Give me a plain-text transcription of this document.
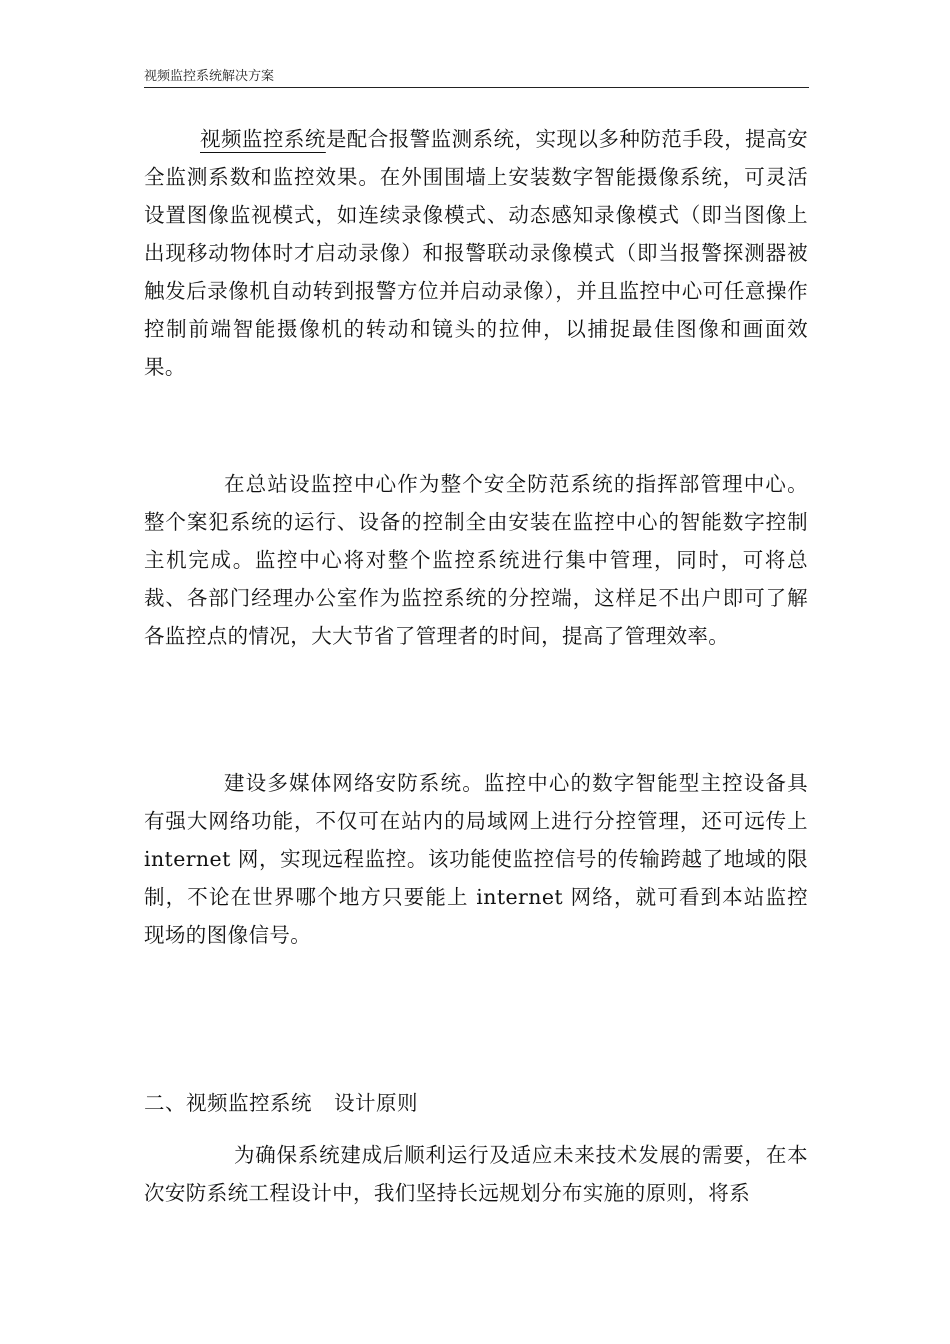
视频监控系统解决方案

视频监控系统是配合报警监测系统，实现以多种防范手段，提高安全监测系数和监控效果。在外围围墙上安装数字智能摄像系统，可灵活设置图像监视模式，如连续录像模式、动态感知录像模式（即当图像上出现移动物体时才启动录像）和报警联动录像模式（即当报警探测器被触发后录像机自动转到报警方位并启动录像），并且监控中心可任意操作控制前端智能摄像机的转动和镜头的拉伸，以捕捉最佳图像和画面效果。

在总站设监控中心作为整个安全防范系统的指挥部管理中心。整个案犯系统的运行、设备的控制全由安装在监控中心的智能数字控制主机完成。监控中心将对整个监控系统进行集中管理，同时，可将总裁、各部门经理办公室作为监控系统的分控端，这样足不出户即可了解各监控点的情况，大大节省了管理者的时间，提高了管理效率。

建设多媒体网络安防系统。监控中心的数字智能型主控设备具有强大网络功能，不仅可在站内的局域网上进行分控管理，还可远传上 internet 网，实现远程监控。该功能使监控信号的传输跨越了地域的限制，不论在世界哪个地方只要能上 internet 网络，就可看到本站监控现场的图像信号。

二、视频监控系统 设计原则

为确保系统建成后顺利运行及适应未来技术发展的需要，在本次安防系统工程设计中，我们坚持长远规划分布实施的原则，将系
